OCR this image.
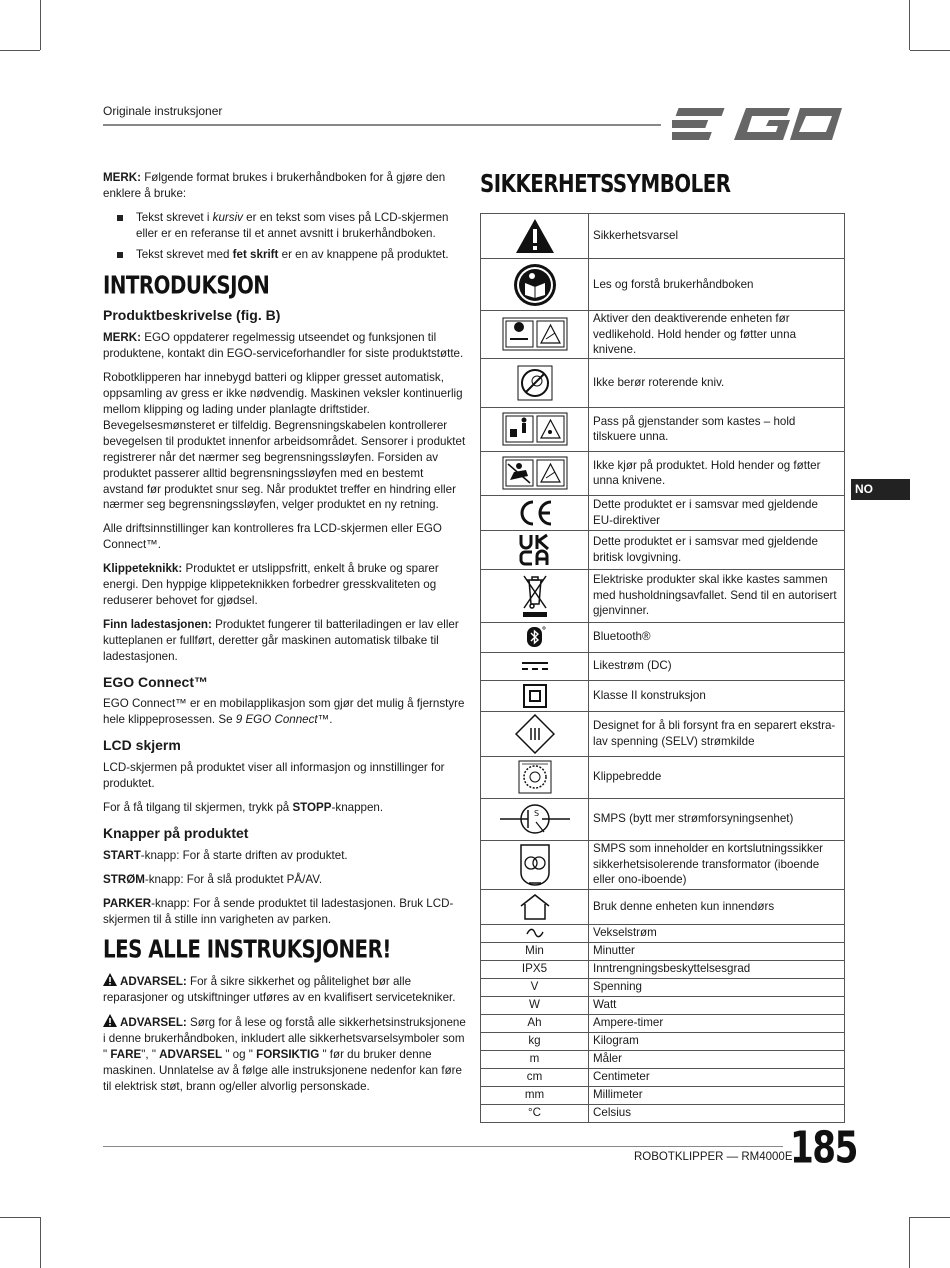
Originale instruksjoner
NO

MERK: Følgende format brukes i brukerhåndboken for å gjøre den enklere å bruke:

Tekst skrevet i kursiv er en tekst som vises på LCD-skjermen eller er en referanse til et annet avsnitt i brukerhåndboken.
Tekst skrevet med fet skrift er en av knappene på produktet.
INTRODUKSJON
Produktbeskrivelse (fig. B)

MERK: EGO oppdaterer regelmessig utseendet og funksjonen til produktene, kontakt din EGO-serviceforhandler for siste produktstøtte.

Robotklipperen har innebygd batteri og klipper gresset automatisk, oppsamling av gress er ikke nødvendig. Maskinen veksler kontinuerlig mellom klipping og lading under planlagte driftstider. Bevegelsesmønsteret er tilfeldig. Begrensningskabelen kontrollerer bevegelsen til produktet innenfor arbeidsområdet. Sensorer i produktet registrerer når det nærmer seg begrensningssløyfen. Forsiden av produktet passerer alltid begrensningssløyfen med en bestemt avstand før produktet snur seg. Når produktet treffer en hindring eller nærmer seg begrensningssløyfen, velger produktet en ny retning.

Alle driftsinnstillinger kan kontrolleres fra LCD-skjermen eller EGO Connect™.

Klippeteknikk: Produktet er utslippsfritt, enkelt å bruke og sparer energi. Den hyppige klippeteknikken forbedrer gresskvaliteten og reduserer behovet for gjødsel.

Finn ladestasjonen: Produktet fungerer til batteriladingen er lav eller kutteplanen er fullført, deretter går maskinen automatisk tilbake til ladestasjonen.

EGO Connect™

EGO Connect™ er en mobilapplikasjon som gjør det mulig å fjernstyre hele klippeprosessen. Se 9 EGO Connect™.

LCD skjerm

LCD-skjermen på produktet viser all informasjon og innstillinger for produktet.

For å få tilgang til skjermen, trykk på STOPP-knappen.

Knapper på produktet

START-knapp: For å starte driften av produktet.

STRØM-knapp: For å slå produktet PÅ/AV.

PARKER-knapp: For å sende produktet til ladestasjonen. Bruk LCD-skjermen til å stille inn varigheten av parken.

LES ALLE INSTRUKSJONER!

ADVARSEL: For å sikre sikkerhet og pålitelighet bør alle reparasjoner og utskiftninger utføres av en kvalifisert servicetekniker.

ADVARSEL: Sørg for å lese og forstå alle sikkerhetsinstruksjonene i denne brukerhåndboken, inkludert alle sikkerhetsvarselsymboler som " FARE", " ADVARSEL " og " FORSIKTIG " før du bruker denne maskinen. Unnlatelse av å følge alle instruksjonene nedenfor kan føre til elektrisk støt, brann og/eller alvorlig personskade.

SIKKERHETSSYMBOLER
	Sikkerhetsvarsel

	Les og forstå brukerhåndboken

	Aktiver den deaktiverende enheten før vedlikehold. Hold hender og føtter unna knivene.

	Ikke berør roterende kniv.

	Pass på gjenstander som kastes – hold tilskuere unna.

	Ikke kjør på produktet. Hold hender og føtter unna knivene.

	Dette produktet er i samsvar med gjeldende EU-direktiver

	Dette produktet er i samsvar med gjeldende britisk lovgivning.

	Elektriske produkter skal ikke kastes sammen med husholdningsavfallet. Send til en autorisert gjenvinner.

	Bluetooth®

	Likestrøm (DC)

	Klasse II konstruksjon

	Designet for å bli forsynt fra en separert ekstra-lav spenning (SELV) strømkilde

	Klippebredde

S	SMPS (bytt mer strømforsyningsenhet)

	SMPS som inneholder en kortslutningssikker sikkerhetsisolerende transformator (iboende eller ono-iboende)

	Bruk denne enheten kun innendørs

	Vekselstrøm
Min	Minutter
IPX5	Inntrengningsbeskyttelsesgrad
V	Spenning
W	Watt
Ah	Ampere-timer
kg	Kilogram
m	Måler
cm	Centimeter
mm	Millimeter
°C	Celsius
ROBOTKLIPPER — RM4000E
185
